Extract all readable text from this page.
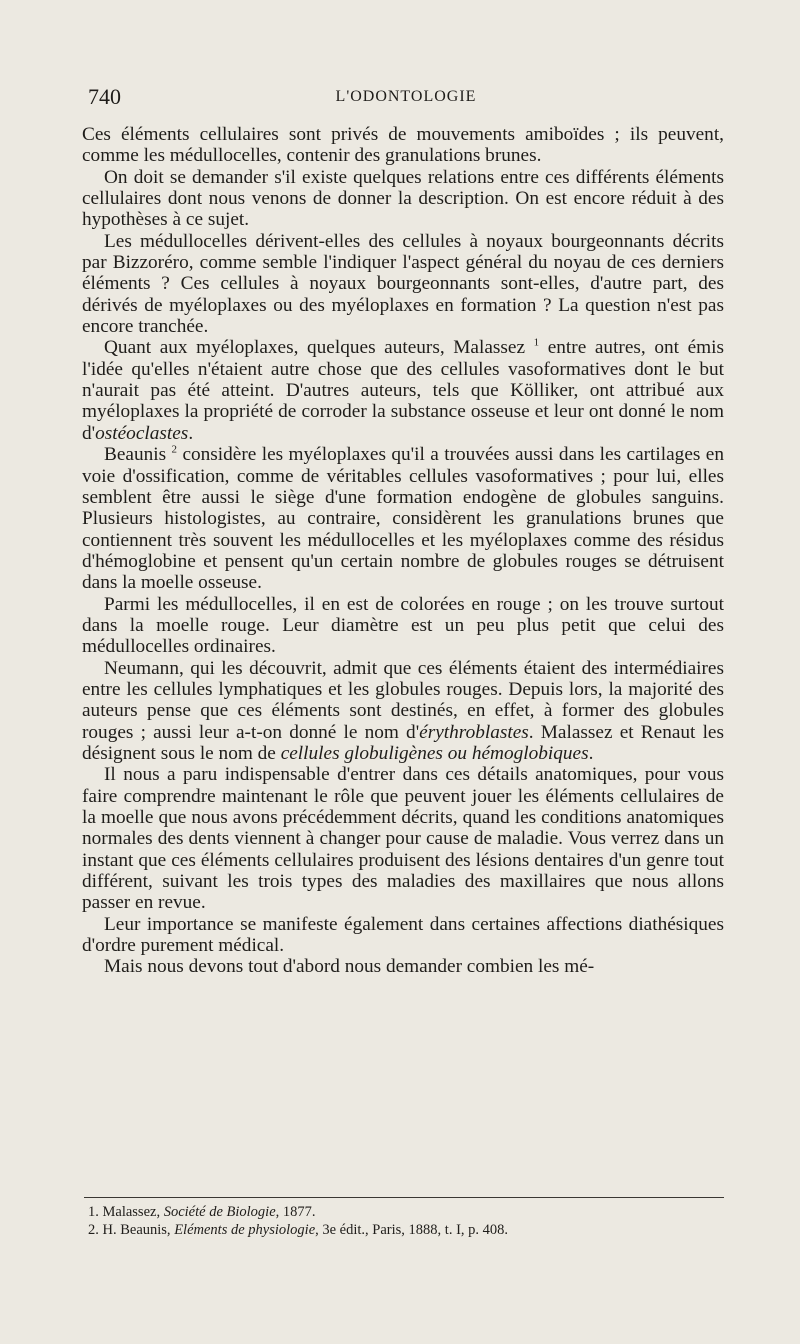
740	L'ODONTOLOGIE

Ces éléments cellulaires sont privés de mouvements amiboïdes ; ils peuvent, comme les médullocelles, contenir des granulations brunes.

On doit se demander s'il existe quelques relations entre ces différents éléments cellulaires dont nous venons de donner la description. On est encore réduit à des hypothèses à ce sujet.

Les médullocelles dérivent-elles des cellules à noyaux bourgeonnants décrits par Bizzoréro, comme semble l'indiquer l'aspect général du noyau de ces derniers éléments ? Ces cellules à noyaux bourgeonnants sont-elles, d'autre part, des dérivés de myéloplaxes ou des myéloplaxes en formation ? La question n'est pas encore tranchée.

Quant aux myéloplaxes, quelques auteurs, Malassez $^1$ entre autres, ont émis l'idée qu'elles n'étaient autre chose que des cellules vasoformatives dont le but n'aurait pas été atteint. D'autres auteurs, tels que Kölliker, ont attribué aux myéloplaxes la propriété de corroder la substance osseuse et leur ont donné le nom d'ostéoclastes.

Beaunis $^2$ considère les myéloplaxes qu'il a trouvées aussi dans les cartilages en voie d'ossification, comme de véritables cellules vasoformatives ; pour lui, elles semblent être aussi le siège d'une formation endogène de globules sanguins. Plusieurs histologistes, au contraire, considèrent les granulations brunes que contiennent très souvent les médullocelles et les myéloplaxes comme des résidus d'hémoglobine et pensent qu'un certain nombre de globules rouges se détruisent dans la moelle osseuse.

Parmi les médullocelles, il en est de colorées en rouge ; on les trouve surtout dans la moelle rouge. Leur diamètre est un peu plus petit que celui des médullocelles ordinaires.

Neumann, qui les découvrit, admit que ces éléments étaient des intermédiaires entre les cellules lymphatiques et les globules rouges. Depuis lors, la majorité des auteurs pense que ces éléments sont destinés, en effet, à former des globules rouges ; aussi leur a-t-on donné le nom d'érythroblastes. Malassez et Renaut les désignent sous le nom de cellules globuligènes ou hémoglobiques.

Il nous a paru indispensable d'entrer dans ces détails anatomiques, pour vous faire comprendre maintenant le rôle que peuvent jouer les éléments cellulaires de la moelle que nous avons précédemment décrits, quand les conditions anatomiques normales des dents viennent à changer pour cause de maladie. Vous verrez dans un instant que ces éléments cellulaires produisent des lésions dentaires d'un genre tout différent, suivant les trois types des maladies des maxillaires que nous allons passer en revue.

Leur importance se manifeste également dans certaines affections diathésiques d'ordre purement médical.

Mais nous devons tout d'abord nous demander combien les mé-

1. Malassez, Société de Biologie, 1877.
2. H. Beaunis, Eléments de physiologie, 3e édit., Paris, 1888, t. I, p. 408.
